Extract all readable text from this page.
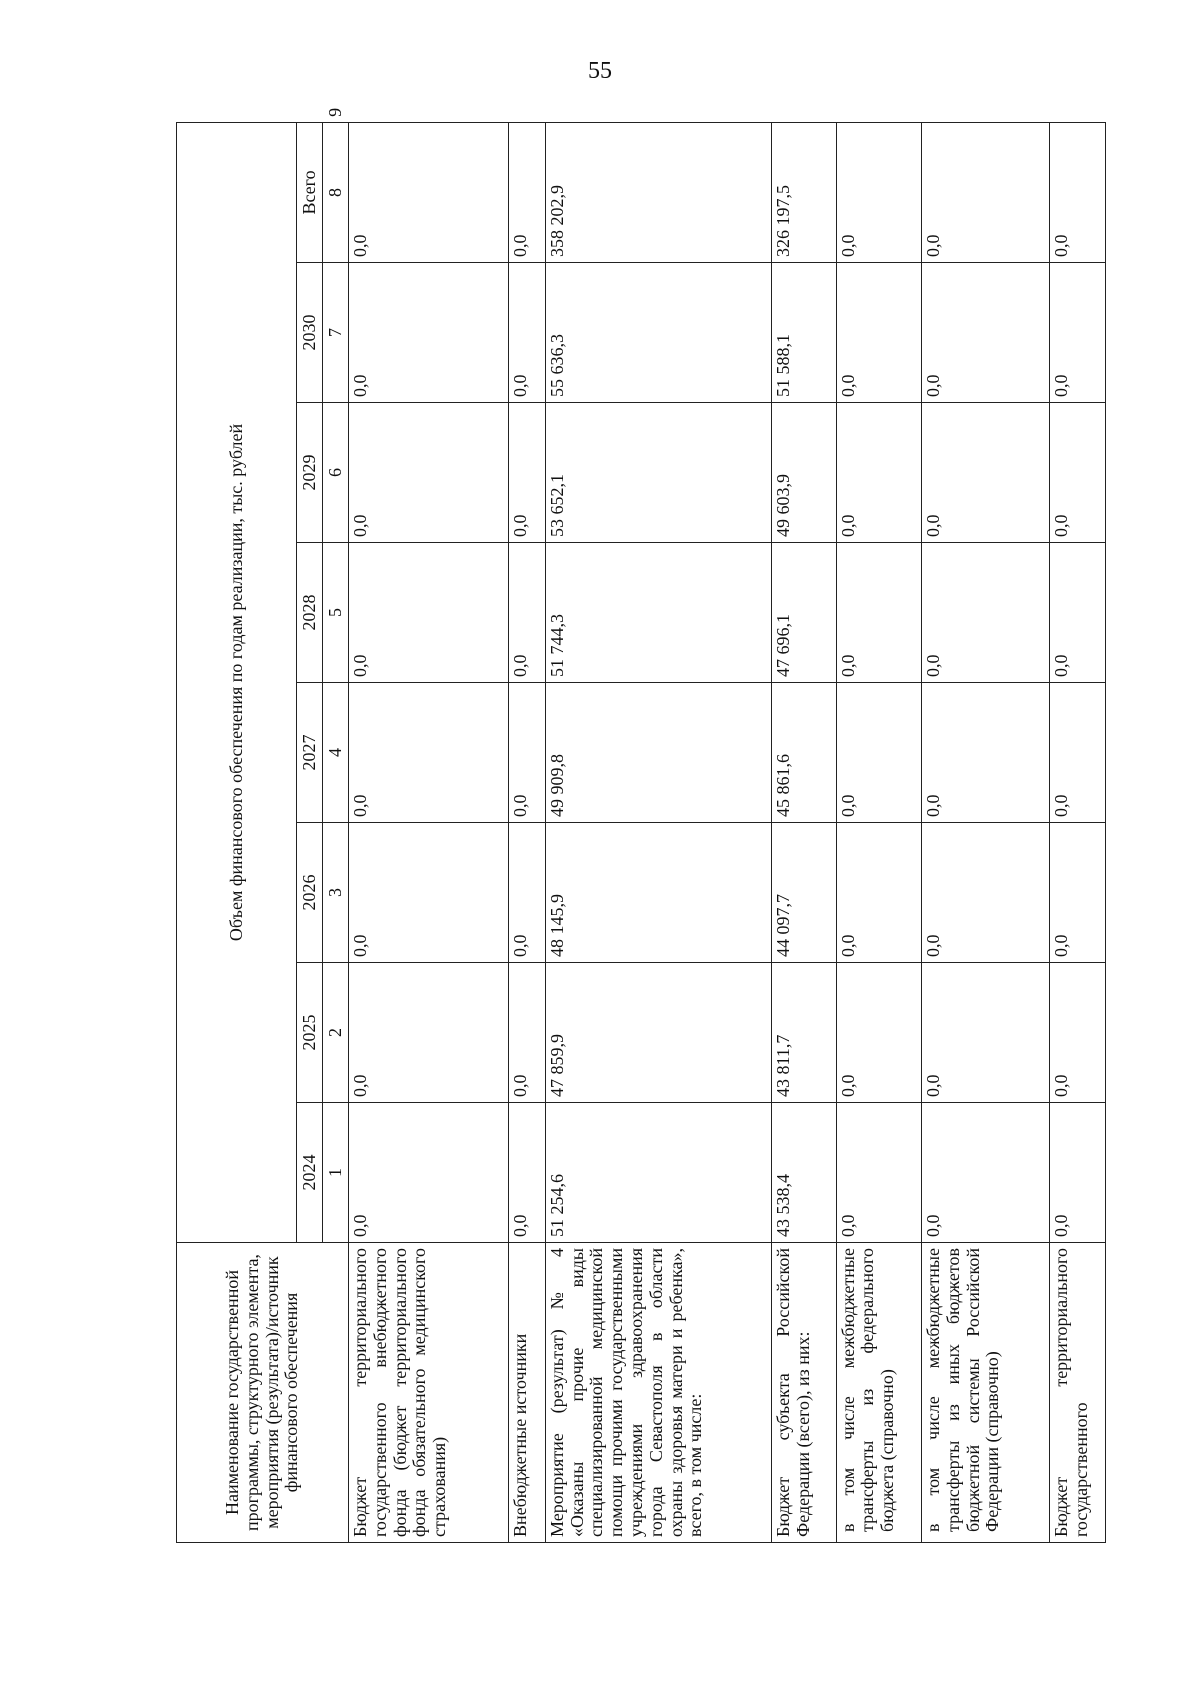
55
Наименование государственной программы, структурного элемента, мероприятия (результата)/источник финансового обеспечения	Объем финансового обеспечения по годам реализации, тыс. рублей								
	2024	2025	2026	2027	2028	2029	2030	Всего	
	1	2	3	4	5	6	7	8	9
Бюджет территориального государственного внебюджетного фонда (бюджет территориального фонда обязательного медицинского страхования)	0,0	0,0	0,0	0,0	0,0	0,0	0,0	0,0	
Внебюджетные источники	0,0	0,0	0,0	0,0	0,0	0,0	0,0	0,0	
Мероприятие (результат) № 4 «Оказаны прочие виды специализированной медицинской помощи прочими государственными учреждениями здравоохранения города Севастополя в области охраны здоровья матери и ребенка», всего, в том числе:	51 254,6	47 859,9	48 145,9	49 909,8	51 744,3	53 652,1	55 636,3	358 202,9	
Бюджет субъекта Российской Федерации (всего), из них:	43 538,4	43 811,7	44 097,7	45 861,6	47 696,1	49 603,9	51 588,1	326 197,5	
в том числе межбюджетные трансферты из федерального бюджета (справочно)	0,0	0,0	0,0	0,0	0,0	0,0	0,0	0,0	
в том числе межбюджетные трансферты из иных бюджетов бюджетной системы Российской Федерации (справочно)	0,0	0,0	0,0	0,0	0,0	0,0	0,0	0,0	
Бюджет территориального государственного	0,0	0,0	0,0	0,0	0,0	0,0	0,0	0,0	
